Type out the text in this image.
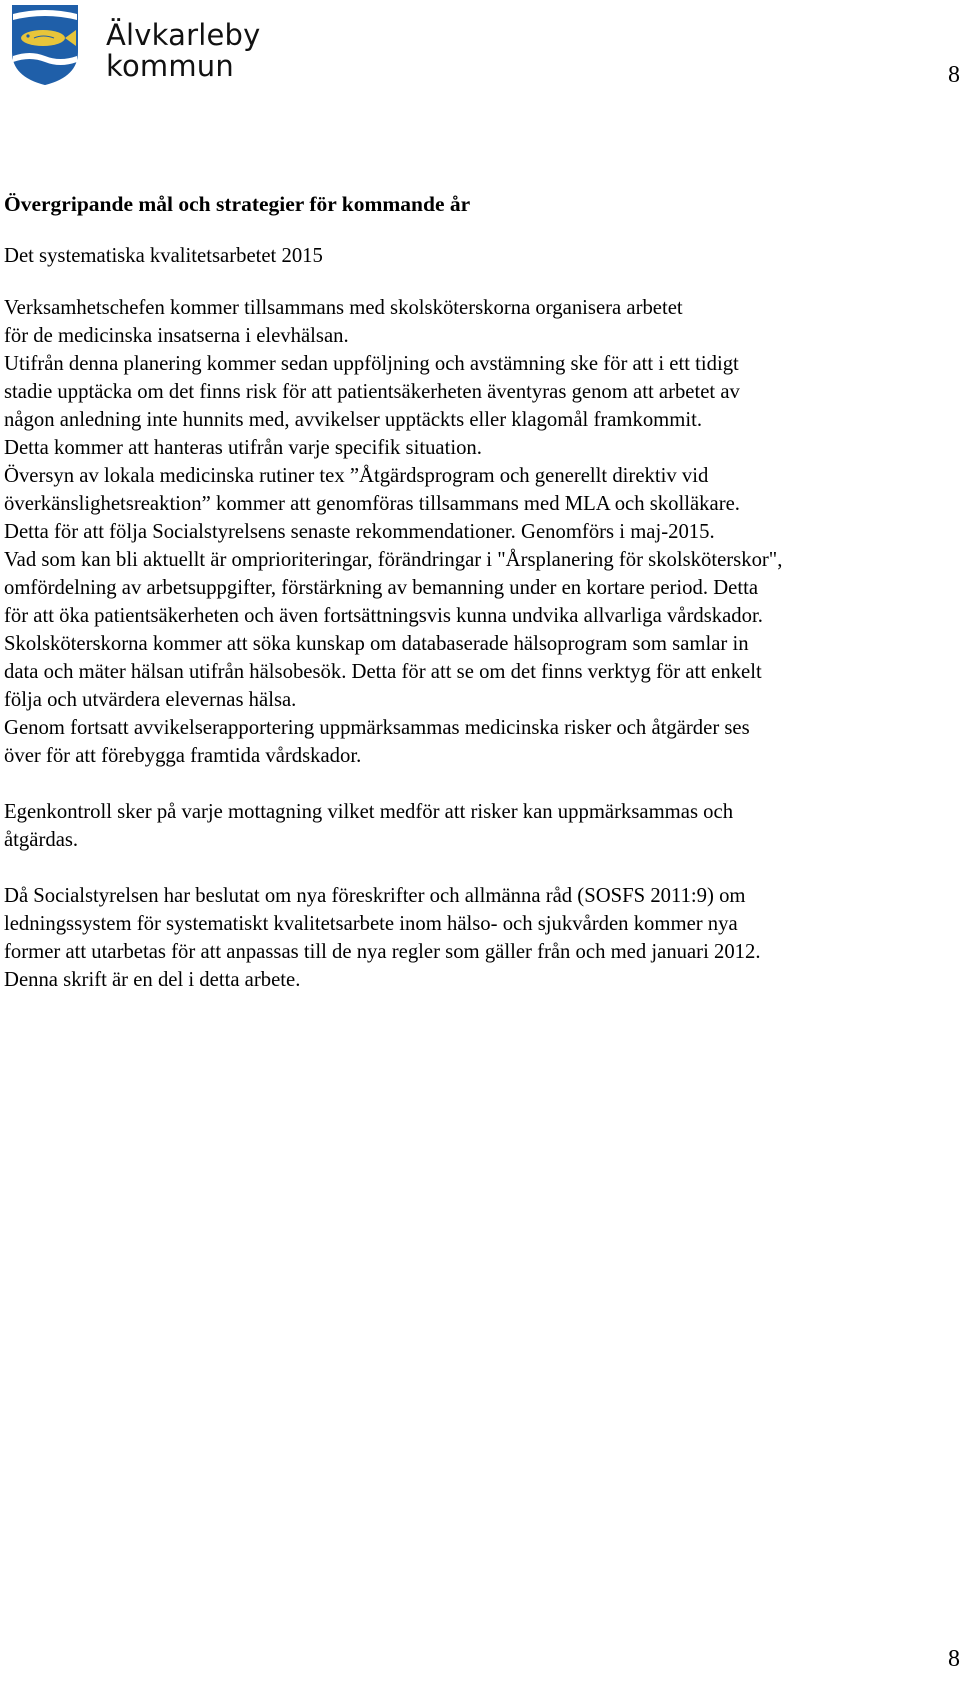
Älvkarleby
kommun	8
Övergripande mål och strategier för kommande år

Det systematiska kvalitetsarbetet 2015

Verksamhetschefen kommer tillsammans med skolsköterskorna organisera arbetet
för de medicinska insatserna i elevhälsan.

Utifrån denna planering kommer sedan uppföljning och avstämning ske för att i ett tidigt
stadie upptäcka om det finns risk för att patientsäkerheten äventyras genom att arbetet av
någon anledning inte hunnits med, avvikelser upptäckts eller klagomål framkommit.
Detta kommer att hanteras utifrån varje specifik situation.
Översyn av lokala medicinska rutiner tex ”Åtgärdsprogram och generellt direktiv vid
överkänslighetsreaktion” kommer att genomföras tillsammans med MLA och skolläkare.
Detta för att följa Socialstyrelsens senaste rekommendationer. Genomförs i maj-2015.
Vad som kan bli aktuellt är omprioriteringar, förändringar i "Årsplanering för skolsköterskor",
omfördelning av arbetsuppgifter, förstärkning av bemanning under en kortare period. Detta
för att öka patientsäkerheten och även fortsättningsvis kunna undvika allvarliga vårdskador.
Skolsköterskorna kommer att söka kunskap om databaserade hälsoprogram som samlar in
data och mäter hälsan utifrån hälsobesök. Detta för att se om det finns verktyg för att enkelt
följa och utvärdera elevernas hälsa.
Genom fortsatt avvikelserapportering uppmärksammas medicinska risker och åtgärder ses
över för att förebygga framtida vårdskador.

Egenkontroll sker på varje mottagning vilket medför att risker kan uppmärksammas och
åtgärdas.

Då Socialstyrelsen har beslutat om nya föreskrifter och allmänna råd (SOSFS 2011:9) om
ledningssystem för systematiskt kvalitetsarbete inom hälso- och sjukvården kommer nya
former att utarbetas för att anpassas till de nya regler som gäller från och med januari 2012.
Denna skrift är en del i detta arbete.

8
